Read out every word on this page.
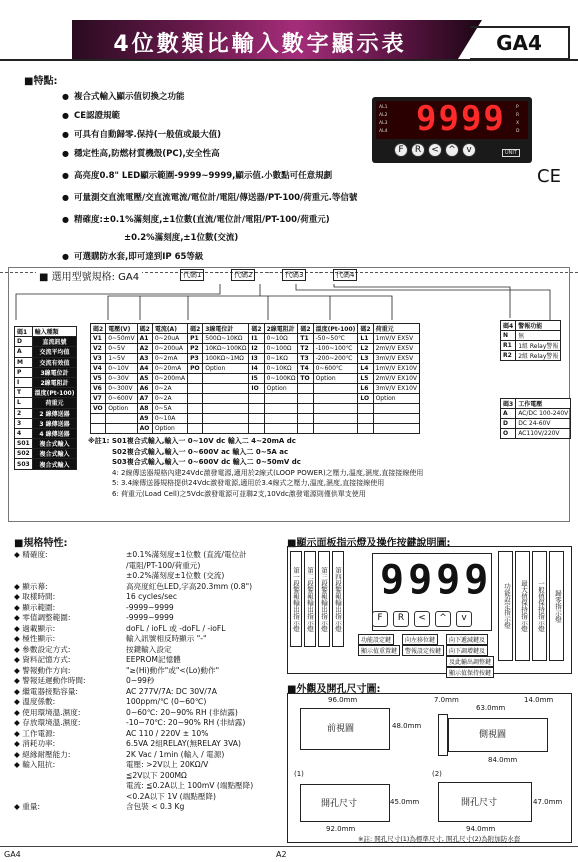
4位數類比輸入數字顯示表	GA4
■特點:
● 複合式輸入顯示值切換之功能
● CE認證規範
● 可具有自動歸零.保持(一般值或最大值)
● 穩定性高,防燃材質機殼(PC),安全性高
● 高亮度0.8" LED顯示範圍-9999~9999,顯示值.小數點可任意規劃
● 可量測交直流電壓/交直流電流/電位計/電阻/傳送器/PT-100/荷重元.等信號
● 精確度:±0.1%滿刻度,±1位數(直流/電位計/電阻/PT-100/荷重元)
±0.2%滿刻度,±1位數(交流)
● 可選購防水套,即可達到IP 65等級
CE
9999
AL1
AL2
AL3
AL4
P
R
X
D
F	R	<	^	v	UNIT
■ 選用型號規格: GA4	代碼1	-	代碼2	-	代碼3	-	代碼4
碼1	輸入種類
D	直流訊號
A	交流平均值
M	交流有效值
P	3線電位計
I	2線電阻計
T	溫度(Pt-100)
L	荷重元
2	2 線傳送器
3	3 線傳送器
4	4 線傳送器
S01	複合式輸入
S02	複合式輸入
S03	複合式輸入
碼2	電壓(V)	碼2	電流(A)	碼2	3線電位計	碼2	2線電阻計	碼2	溫度(Pt-100)	碼2	荷重元
V1	0~50mV	A1	0~20uA	P1	500Ω~10KΩ	I1	0~10Ω	T1	-50~50℃	L1	1mV/V EX5V
V2	0~5V	A2	0~200uA	P2	10KΩ~100KΩ	I2	0~100Ω	T2	-100~100℃	L2	2mV/V EX5V
V3	1~5V	A3	0~2mA	P3	100KΩ~1MΩ	I3	0~1KΩ	T3	-200~200℃	L3	3mV/V EX5V
V4	0~10V	A4	0~20mA	PO	Option	I4	0~10KΩ	T4	0~600℃	L4	1mV/V EX10V
V5	0~30V	A5	0~200mA			I5	0~100KΩ	TO	Option	L5	2mV/V EX10V
V6	0~300V	A6	0~2A			IO	Option			L6	3mV/V EX10V
V7	0~600V	A7	0~2A							LO	Option
VO	Option	A8	0~5A								
		A9	0~10A								
		AO	Option								
碼4	警報功能
N	無
R1	1組 Relay警報
R2	2組 Relay警報
碼3	工作電壓
A	AC/DC 100-240V
D	DC 24-60V
O	AC110V/220V
※註1: S01複合式輸入,輸入一 0~10V dc 輸入二 4~20mA dc
S02複合式輸入,輸入一 0~600V ac 輸入二 0~5A ac
S03複合式輸入,輸入一 0~600V dc 輸入二 0~50mV dc
4: 2線傳送器規格內建24Vdc激發電源,適用於2線式(LOOP POWER)之壓力,溫度,濕度,直接接線使用
5: 3.4線傳送器規格提供24Vdc激發電源,適用於3.4線式之壓力,溫度,濕度,直接接線使用
6: 荷重元(Load Cell)之5Vdc激發電源可並聯2支,10Vdc激發電源則僅供單支使用
■規格特性:
◆ 精確度:	±0.1%滿刻度±1位數 (直流/電位計
/電阻/PT-100/荷重元)
±0.2%滿刻度±1位數 (交流)
◆ 顯示幕:	高亮度紅色LED,字高20.3mm (0.8")
◆ 取樣時間:	16 cycles/sec
◆ 顯示範圍:	-9999~9999
◆ 零值調整範圍:	-9999~9999
◆ 過載顯示:	doFL / ioFL 或 -doFL / -ioFL
◆ 極性顯示:	輸入訊號相反時顯示 "-"
◆ 參數設定方式:	按鍵輸入設定
◆ 資料記憶方式:	EEPROM記憶體
◆ 警報動作方向:	"≥(Hi)動作"或"<(Lo)動作"
◆ 警報延遲動作時間:	0~99秒
◆ 繼電器接點容量:	AC 277V/7A: DC 30V/7A
◆ 溫度係數:	100ppm/℃ (0~60℃)
◆ 使用環境溫.濕度:	0~60℃: 20~90% RH (非結露)
◆ 存放環境溫.濕度:	-10~70℃: 20~90% RH (非結露)
◆ 工作電源:	AC 110 / 220V ± 10%
◆ 消耗功率:	6.5VA 2組RELAY(無RELAY 3VA)
◆ 絕緣耐壓能力:	2K Vac / 1min (輸入 / 電源)
◆ 輸入阻抗:	電壓: >2V以上 20KΩ/V
≦2V以下 200MΩ
電流: ≦0.2A以上 100mV (端點壓降)
<0.2A以下 1V (端點壓降)
◆ 重量:	含包裝 < 0.3 Kg
■顯示面板指示燈及操作按鍵說明圖:
9999
F	R	<	^	v
第一段警報輸出指示燈 第二段警報輸出指示燈 第三段警報輸出指示燈 第四段警報輸出指示燈	功能設定指示燈	最大值保持指示燈	一般值保持指示燈	歸零指示燈
功能設定鍵
顯示值重置鍵
向左移位鍵
警報設定按鍵
向下遞減鍵及
向下調增鍵及
及此輸出調整鍵
顯示值保持按鍵
■外觀及開孔尺寸圖:
96.0mm
前視圖	48.0mm
7.0mm
63.0mm
14.0mm
側視圖
84.0mm
(1)
開孔尺寸	45.0mm
92.0mm
(2)
開孔尺寸	47.0mm
94.0mm
※註: 開孔尺寸(1)為標準尺寸, 開孔尺寸(2)為附加防水套
GA4	A2
